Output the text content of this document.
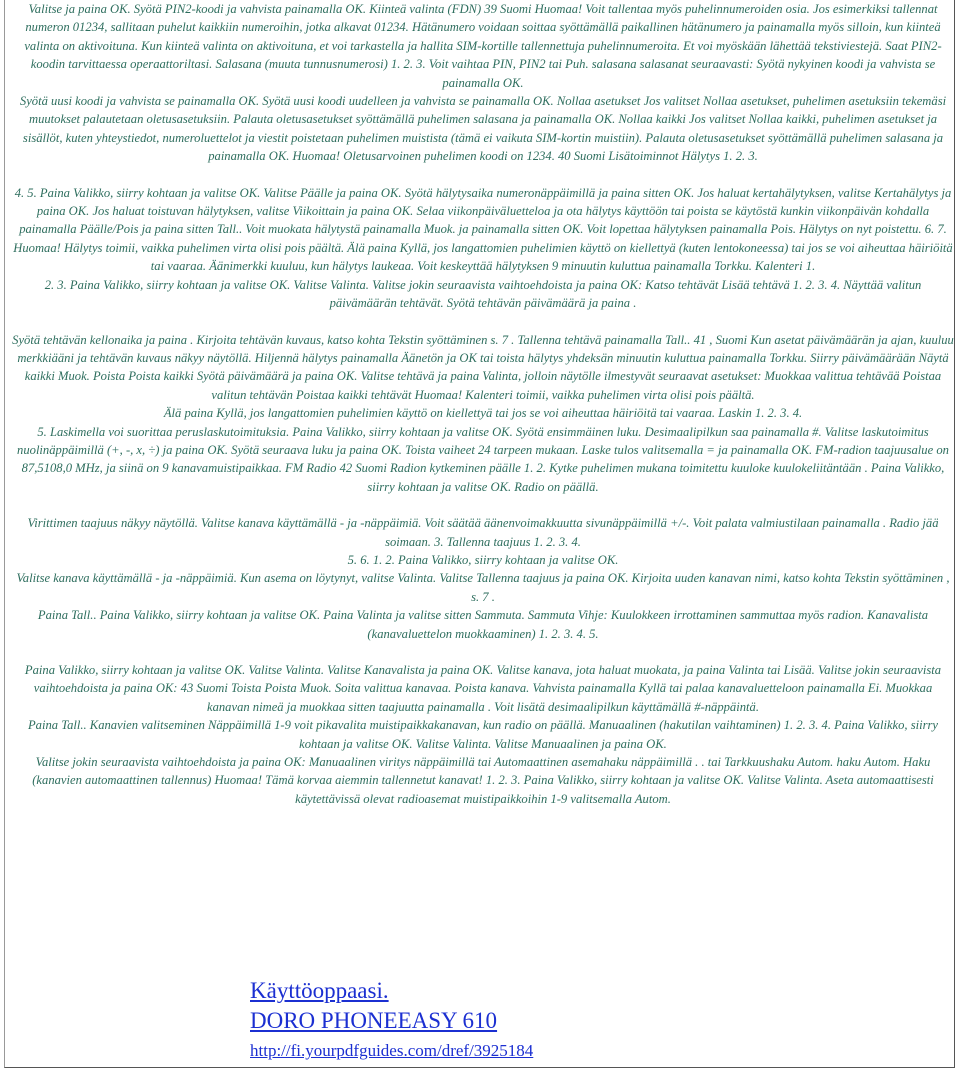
Valitse ja paina OK. Syötä PIN2-koodi ja vahvista painamalla OK. Kiinteä valinta (FDN) 39 Suomi Huomaa! Voit tallentaa myös puhelinnumeroiden osia. Jos esimerkiksi tallennat numeron 01234, sallitaan puhelut kaikkiin numeroihin, jotka alkavat 01234. Hätänumero voidaan soittaa syöttämällä paikallinen hätänumero ja painamalla myös silloin, kun kiinteä valinta on aktivoituna. Kun kiinteä valinta on aktivoituna, et voi tarkastella ja hallita SIM-kortille tallennettuja puhelinnumeroita. Et voi myöskään lähettää tekstiviestejä. Saat PIN2-koodin tarvittaessa operaattoriltasi. Salasana (muuta tunnusnumerosi) 1. 2. 3. Voit vaihtaa PIN, PIN2 tai Puh. salasana salasanat seuraavasti: Syötä nykyinen koodi ja vahvista se painamalla OK.

Syötä uusi koodi ja vahvista se painamalla OK. Syötä uusi koodi uudelleen ja vahvista se painamalla OK. Nollaa asetukset Jos valitset Nollaa asetukset, puhelimen asetuksiin tekemäsi muutokset palautetaan oletusasetuksiin. Palauta oletusasetukset syöttämällä puhelimen salasana ja painamalla OK. Nollaa kaikki Jos valitset Nollaa kaikki, puhelimen asetukset ja sisällöt, kuten yhteystiedot, numeroluettelot ja viestit poistetaan puhelimen muistista (tämä ei vaikuta SIM-kortin muistiin). Palauta oletusasetukset syöttämällä puhelimen salasana ja painamalla OK. Huomaa! Oletusarvoinen puhelimen koodi on 1234. 40 Suomi Lisätoiminnot Hälytys 1. 2. 3.

4. 5. Paina Valikko, siirry kohtaan ja valitse OK. Valitse Päälle ja paina OK. Syötä hälytysaika numeronäppäimillä ja paina sitten OK. Jos haluat kertahälytyksen, valitse Kertahälytys ja paina OK. Jos haluat toistuvan hälytyksen, valitse Viikoittain ja paina OK. Selaa viikonpäiväluetteloa ja ota hälytys käyttöön tai poista se käytöstä kunkin viikonpäivän kohdalla painamalla Päälle/Pois ja paina sitten Tall.. Voit muokata hälytystä painamalla Muok. ja painamalla sitten OK. Voit lopettaa hälytyksen painamalla Pois. Hälytys on nyt poistettu. 6. 7.

Huomaa! Hälytys toimii, vaikka puhelimen virta olisi pois päältä. Älä paina Kyllä, jos langattomien puhelimien käyttö on kiellettyä (kuten lentokoneessa) tai jos se voi aiheuttaa häiriöitä tai vaaraa. Äänimerkki kuuluu, kun hälytys laukeaa. Voit keskeyttää hälytyksen 9 minuutin kuluttua painamalla Torkku. Kalenteri 1.

2. 3. Paina Valikko, siirry kohtaan ja valitse OK. Valitse Valinta. Valitse jokin seuraavista vaihtoehdoista ja paina OK: Katso tehtävät Lisää tehtävä 1. 2. 3. 4. Näyttää valitun päivämäärän tehtävät. Syötä tehtävän päivämäärä ja paina .

Syötä tehtävän kellonaika ja paina . Kirjoita tehtävän kuvaus, katso kohta Tekstin syöttäminen s. 7 . Tallenna tehtävä painamalla Tall.. 41 , Suomi Kun asetat päivämäärän ja ajan, kuuluu merkkiääni ja tehtävän kuvaus näkyy näytöllä. Hiljennä hälytys painamalla Äänetön ja OK tai toista hälytys yhdeksän minuutin kuluttua painamalla Torkku. Siirry päivämäärään Näytä kaikki Muok. Poista Poista kaikki Syötä päivämäärä ja paina OK. Valitse tehtävä ja paina Valinta, jolloin näytölle ilmestyvät seuraavat asetukset: Muokkaa valittua tehtävää Poistaa valitun tehtävän Poistaa kaikki tehtävät Huomaa! Kalenteri toimii, vaikka puhelimen virta olisi pois päältä.

Älä paina Kyllä, jos langattomien puhelimien käyttö on kiellettyä tai jos se voi aiheuttaa häiriöitä tai vaaraa. Laskin 1. 2. 3. 4.

5. Laskimella voi suorittaa peruslaskutoimituksia. Paina Valikko, siirry kohtaan ja valitse OK. Syötä ensimmäinen luku. Desimaalipilkun saa painamalla #. Valitse laskutoimitus nuolinäppäimillä (+, -, x, ÷) ja paina OK. Syötä seuraava luku ja paina OK. Toista vaiheet 24 tarpeen mukaan. Laske tulos valitsemalla = ja painamalla OK. FM-radion taajuusalue on 87,5108,0 MHz, ja siinä on 9 kanavamuistipaikkaa. FM Radio 42 Suomi Radion kytkeminen päälle 1. 2. Kytke puhelimen mukana toimitettu kuuloke kuulokeliitäntään . Paina Valikko, siirry kohtaan ja valitse OK. Radio on päällä.

Virittimen taajuus näkyy näytöllä. Valitse kanava käyttämällä - ja -näppäimiä. Voit säätää äänenvoimakkuutta sivunäppäimillä +/-. Voit palata valmiustilaan painamalla . Radio jää soimaan. 3. Tallenna taajuus 1. 2. 3. 4.

5. 6. 1. 2. Paina Valikko, siirry kohtaan ja valitse OK.

Valitse kanava käyttämällä - ja -näppäimiä. Kun asema on löytynyt, valitse Valinta. Valitse Tallenna taajuus ja paina OK. Kirjoita uuden kanavan nimi, katso kohta Tekstin syöttäminen , s. 7 .

Paina Tall.. Paina Valikko, siirry kohtaan ja valitse OK. Paina Valinta ja valitse sitten Sammuta. Sammuta Vihje: Kuulokkeen irrottaminen sammuttaa myös radion. Kanavalista (kanavaluettelon muokkaaminen) 1. 2. 3. 4. 5.

Paina Valikko, siirry kohtaan ja valitse OK. Valitse Valinta. Valitse Kanavalista ja paina OK. Valitse kanava, jota haluat muokata, ja paina Valinta tai Lisää. Valitse jokin seuraavista vaihtoehdoista ja paina OK: 43 Suomi Toista Poista Muok. Soita valittua kanavaa. Poista kanava. Vahvista painamalla Kyllä tai palaa kanavaluetteloon painamalla Ei. Muokkaa kanavan nimeä ja muokkaa sitten taajuutta painamalla . Voit lisätä desimaalipilkun käyttämällä #-näppäintä.

Paina Tall.. Kanavien valitseminen Näppäimillä 1-9 voit pikavalita muistipaikkakanavan, kun radio on päällä. Manuaalinen (hakutilan vaihtaminen) 1. 2. 3. 4. Paina Valikko, siirry kohtaan ja valitse OK. Valitse Valinta. Valitse Manuaalinen ja paina OK.

Valitse jokin seuraavista vaihtoehdoista ja paina OK: Manuaalinen viritys näppäimillä tai Automaattinen asemahaku näppäimillä . . tai Tarkkuushaku Autom. haku Autom. Haku (kanavien automaattinen tallennus) Huomaa! Tämä korvaa aiemmin tallennetut kanavat! 1. 2. 3. Paina Valikko, siirry kohtaan ja valitse OK. Valitse Valinta. Aseta automaattisesti käytettävissä olevat radioasemat muistipaikkoihin 1-9 valitsemalla Autom.

Käyttöoppaasi.
DORO PHONEEASY 610
http://fi.yourpdfguides.com/dref/3925184
